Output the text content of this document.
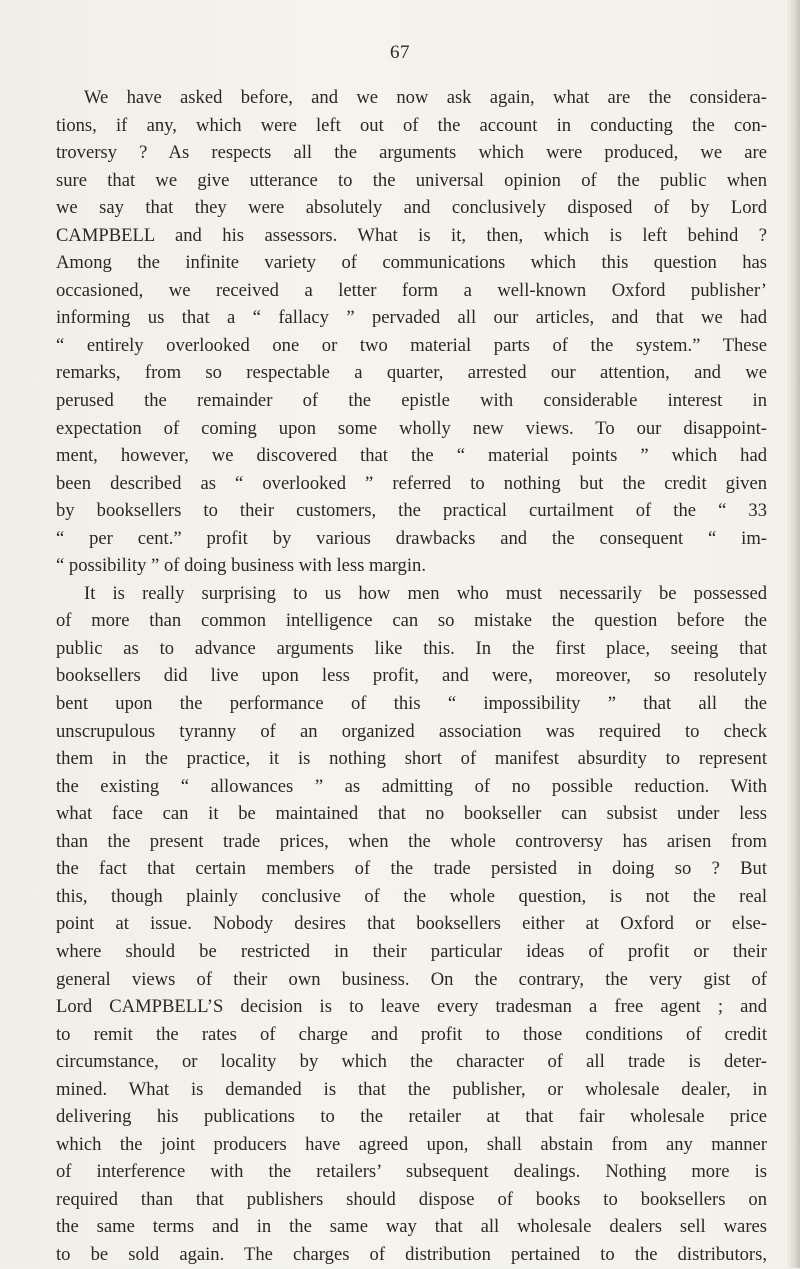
67
We have asked before, and we now ask again, what are the considera-
tions, if any, which were left out of the account in conducting the con-
troversy ? As respects all the arguments which were produced, we are
sure that we give utterance to the universal opinion of the public when
we say that they were absolutely and conclusively disposed of by Lord
CAMPBELL and his assessors. What is it, then, which is left behind ?
Among the infinite variety of communications which this question has
occasioned, we received a letter form a well-known Oxford publisher’
informing us that a “ fallacy ” pervaded all our articles, and that we had
“ entirely overlooked one or two material parts of the system.” These
remarks, from so respectable a quarter, arrested our attention, and we
perused the remainder of the epistle with considerable interest in
expectation of coming upon some wholly new views. To our disappoint-
ment, however, we discovered that the “ material points ” which had
been described as “ overlooked ” referred to nothing but the credit given
by booksellers to their customers, the practical curtailment of the “ 33
“ per cent.” profit by various drawbacks and the consequent “ im-
“ possibility ” of doing business with less margin.
It is really surprising to us how men who must necessarily be possessed
of more than common intelligence can so mistake the question before the
public as to advance arguments like this. In the first place, seeing that
booksellers did live upon less profit, and were, moreover, so resolutely
bent upon the performance of this “ impossibility ” that all the
unscrupulous tyranny of an organized association was required to check
them in the practice, it is nothing short of manifest absurdity to represent
the existing “ allowances ” as admitting of no possible reduction. With
what face can it be maintained that no bookseller can subsist under less
than the present trade prices, when the whole controversy has arisen from
the fact that certain members of the trade persisted in doing so ? But
this, though plainly conclusive of the whole question, is not the real
point at issue. Nobody desires that booksellers either at Oxford or else-
where should be restricted in their particular ideas of profit or their
general views of their own business. On the contrary, the very gist of
Lord CAMPBELL’S decision is to leave every tradesman a free agent ; and
to remit the rates of charge and profit to those conditions of credit
circumstance, or locality by which the character of all trade is deter-
mined. What is demanded is that the publisher, or wholesale dealer, in
delivering his publications to the retailer at that fair wholesale price
which the joint producers have agreed upon, shall abstain from any manner
of interference with the retailers’ subsequent dealings. Nothing more is
required than that publishers should dispose of books to booksellers on
the same terms and in the same way that all wholesale dealers sell wares
to be sold again. The charges of distribution pertained to the distributors,
